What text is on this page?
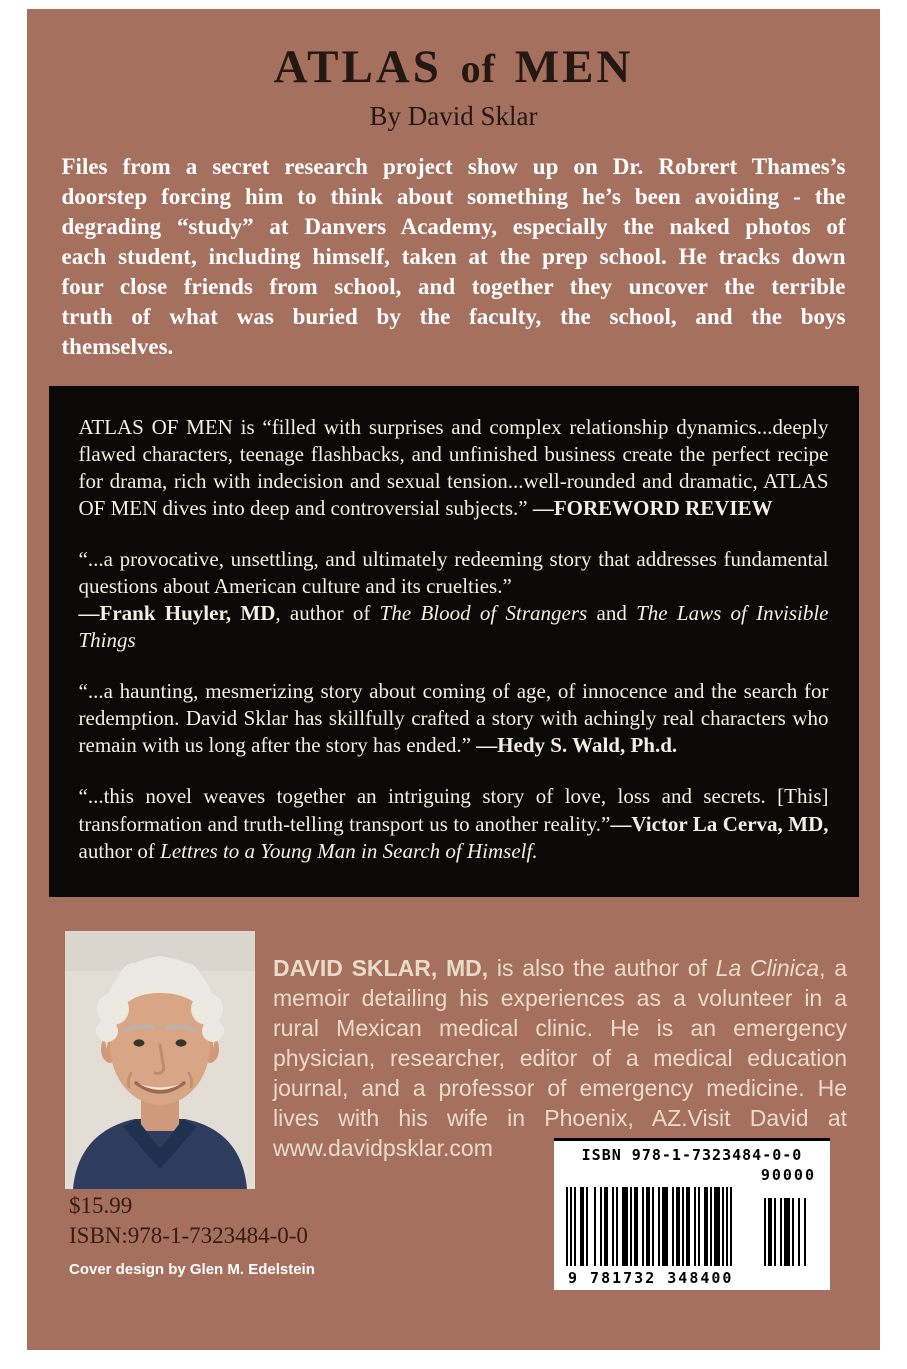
ATLAS of MEN
By David Sklar

Files from a secret research project show up on Dr. Robrert Thames’s doorstep forcing him to think about something he’s been avoiding - the degrading “study” at Danvers Academy, especially the naked photos of each student, including himself, taken at the prep school. He tracks down four close friends from school, and together they uncover the terrible truth of what was buried by the faculty, the school, and the boys themselves.

ATLAS OF MEN is “filled with surprises and complex relationship dynamics...deeply flawed characters, teenage flashbacks, and unfinished business create the perfect recipe for drama, rich with indecision and sexual tension...well-rounded and dramatic, ATLAS OF MEN dives into deep and controversial subjects.” —FOREWORD REVIEW

“...a provocative, unsettling, and ultimately redeeming story that addresses fundamental questions about American culture and its cruelties.”
—Frank Huyler, MD, author of The Blood of Strangers and The Laws of Invisible Things

“...a haunting, mesmerizing story about coming of age, of innocence and the search for redemption. David Sklar has skillfully crafted a story with achingly real characters who remain with us long after the story has ended.” —Hedy S. Wald, Ph.d.

“...this novel weaves together an intriguing story of love, loss and secrets. [This] transformation and truth-telling transport us to another reality.”—Victor La Cerva, MD, author of Lettres to a Young Man in Search of Himself.

DAVID SKLAR, MD, is also the author of La Clinica, a memoir detailing his experiences as a volunteer in a rural Mexican medical clinic. He is an emergency physician, researcher, editor of a medical education journal, and a professor of emergency medicine. He lives with his wife in Phoenix, AZ.Visit David at www.davidpsklar.com

$15.99
ISBN:978-1-7323484-0-0
Cover design by Glen M. Edelstein
ISBN 978-1-7323484-0-0
90000
9 781732 348400
